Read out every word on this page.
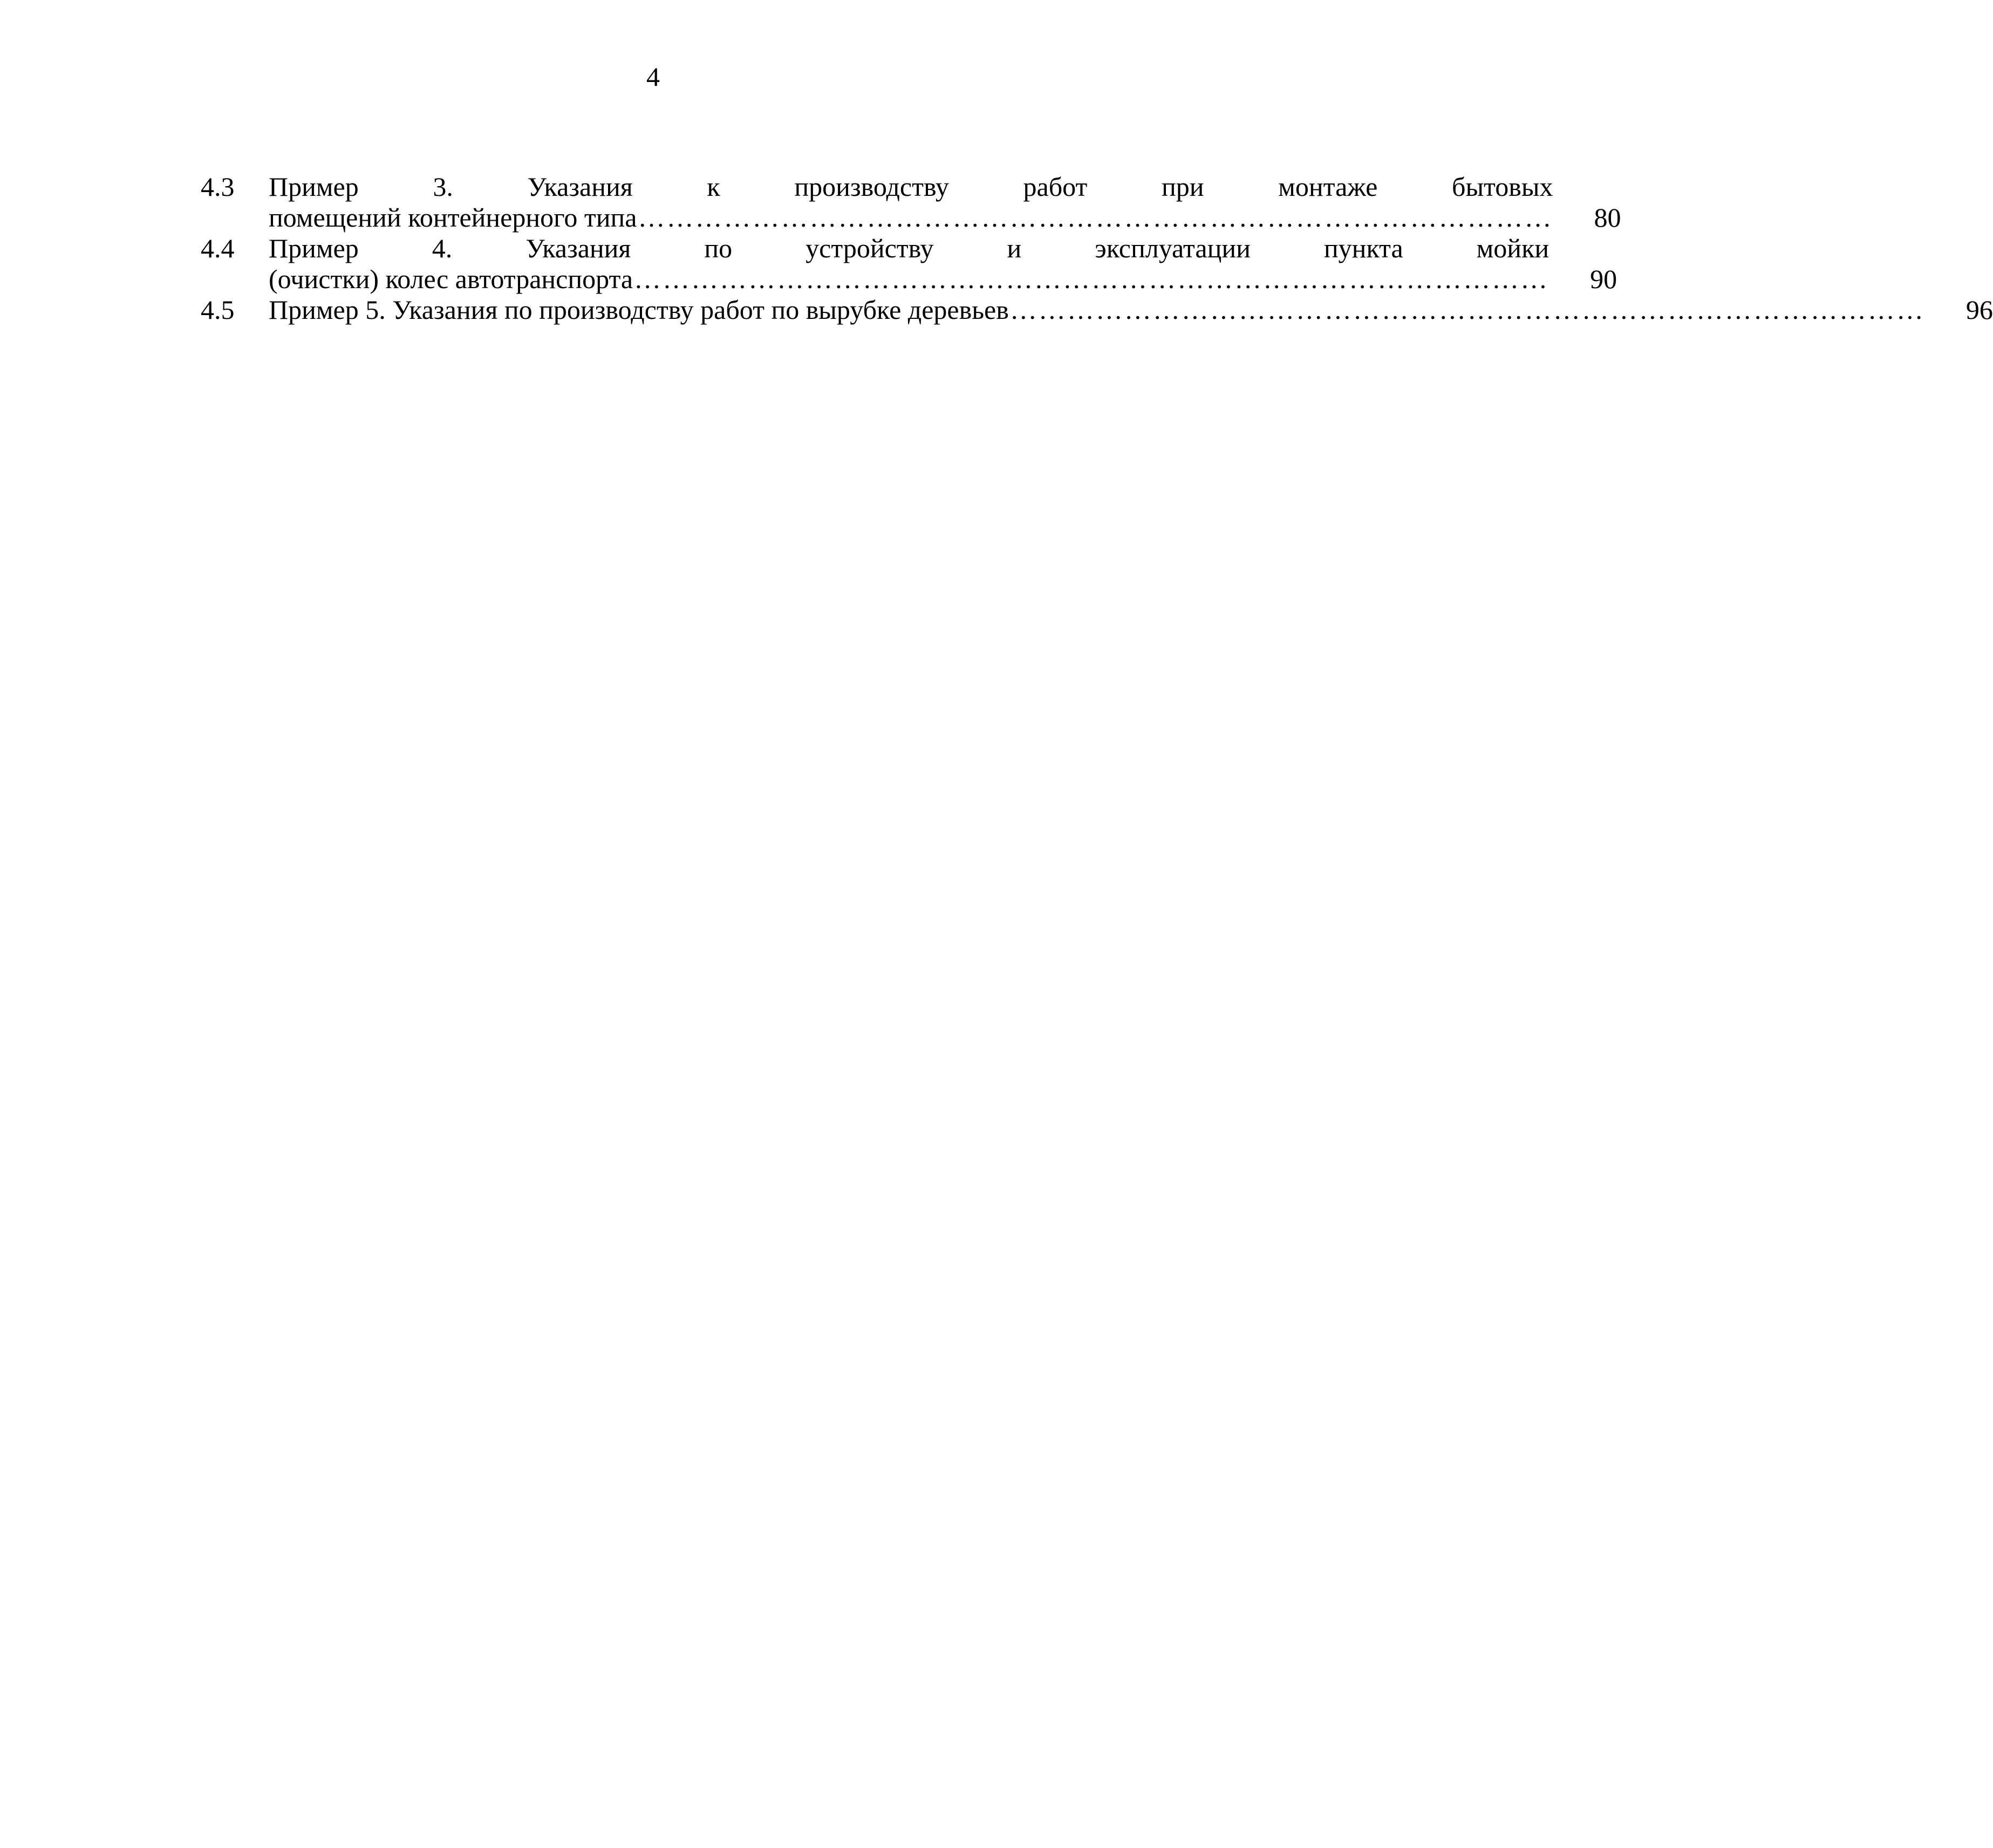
4
4.3	Пример 3. Указания к производству работ при монтаже бытовых
помещений контейнерного типа ……………………………………………………………………………………	80
4.4	Пример 4. Указания по устройству и эксплуатации пункта мойки
(очистки) колес автотранспорта ……………………………………………………………………………………	90
4.5	Пример 5. Указания по производству работ по вырубке деревьев ……………………………………………………………………………………	96
